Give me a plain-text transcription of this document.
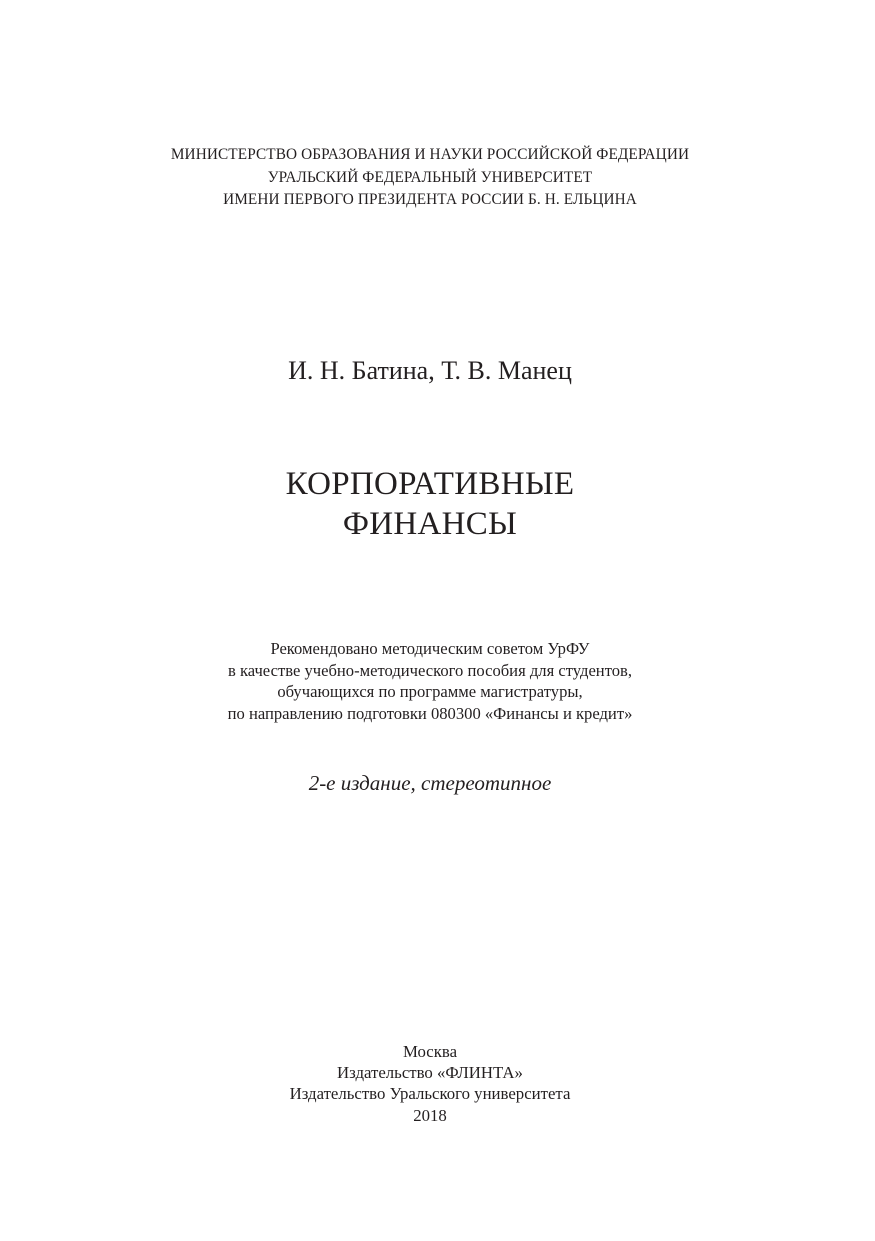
МИНИСТЕРСТВО ОБРАЗОВАНИЯ И НАУКИ РОССИЙСКОЙ ФЕДЕРАЦИИ
УРАЛЬСКИЙ ФЕДЕРАЛЬНЫЙ УНИВЕРСИТЕТ
ИМЕНИ ПЕРВОГО ПРЕЗИДЕНТА РОССИИ Б. Н. ЕЛЬЦИНА
И. Н. Батина, Т. В. Манец
КОРПОРАТИВНЫЕ
ФИНАНСЫ
Рекомендовано методическим советом УрФУ
в качестве учебно-методического пособия для студентов,
обучающихся по программе магистратуры,
по направлению подготовки 080300 «Финансы и кредит»
2-е издание, стереотипное
Москва
Издательство «ФЛИНТА»
Издательство Уральского университета
2018
